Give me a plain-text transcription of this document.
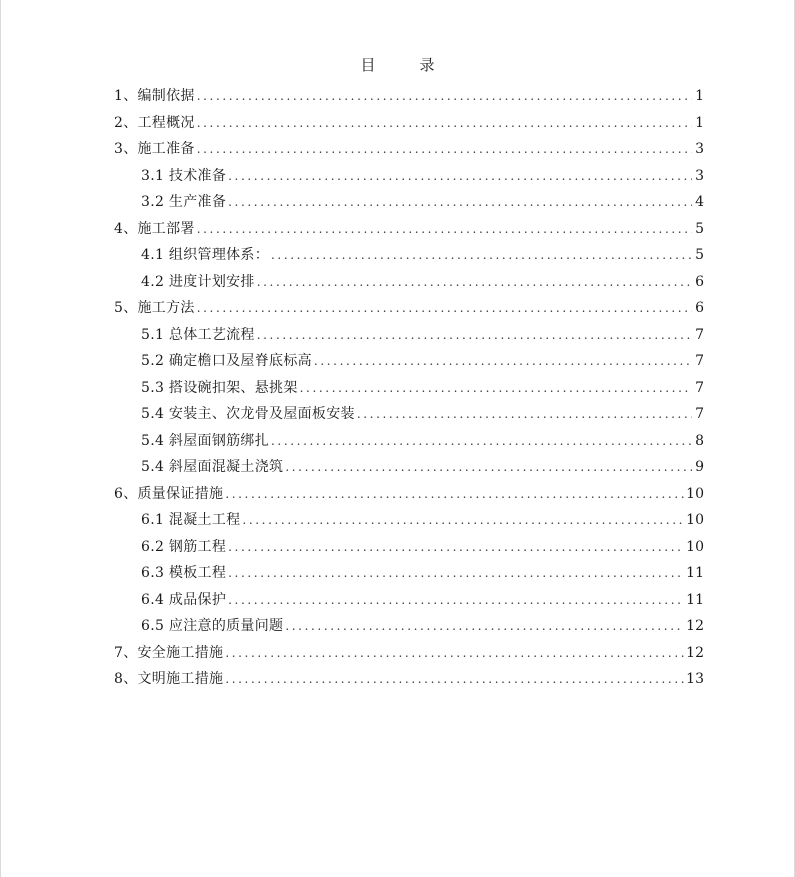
目	录
1、编制依据 .....	1
2、工程概况 .....	1
3、施工准备 .....	3
3.1 技术准备 .....	3
3.2 生产准备 .....	4
4、施工部署 .....	5
4.1 组织管理体系： .....	5
4.2 进度计划安排 .....	6
5、施工方法 .....	6
5.1 总体工艺流程 .....	7
5.2 确定檐口及屋脊底标高 .....	7
5.3 搭设碗扣架、悬挑架 .....	7
5.4 安装主、次龙骨及屋面板安装 .....	7
5.4 斜屋面钢筋绑扎 .....	8
5.4 斜屋面混凝土浇筑 .....	9
6、质量保证措施 .....	10
6.1 混凝土工程 .....	10
6.2 钢筋工程 .....	10
6.3 模板工程 .....	11
6.4 成品保护 .....	11
6.5 应注意的质量问题 .....	12
7、安全施工措施 .....	12
8、文明施工措施 .....	13
